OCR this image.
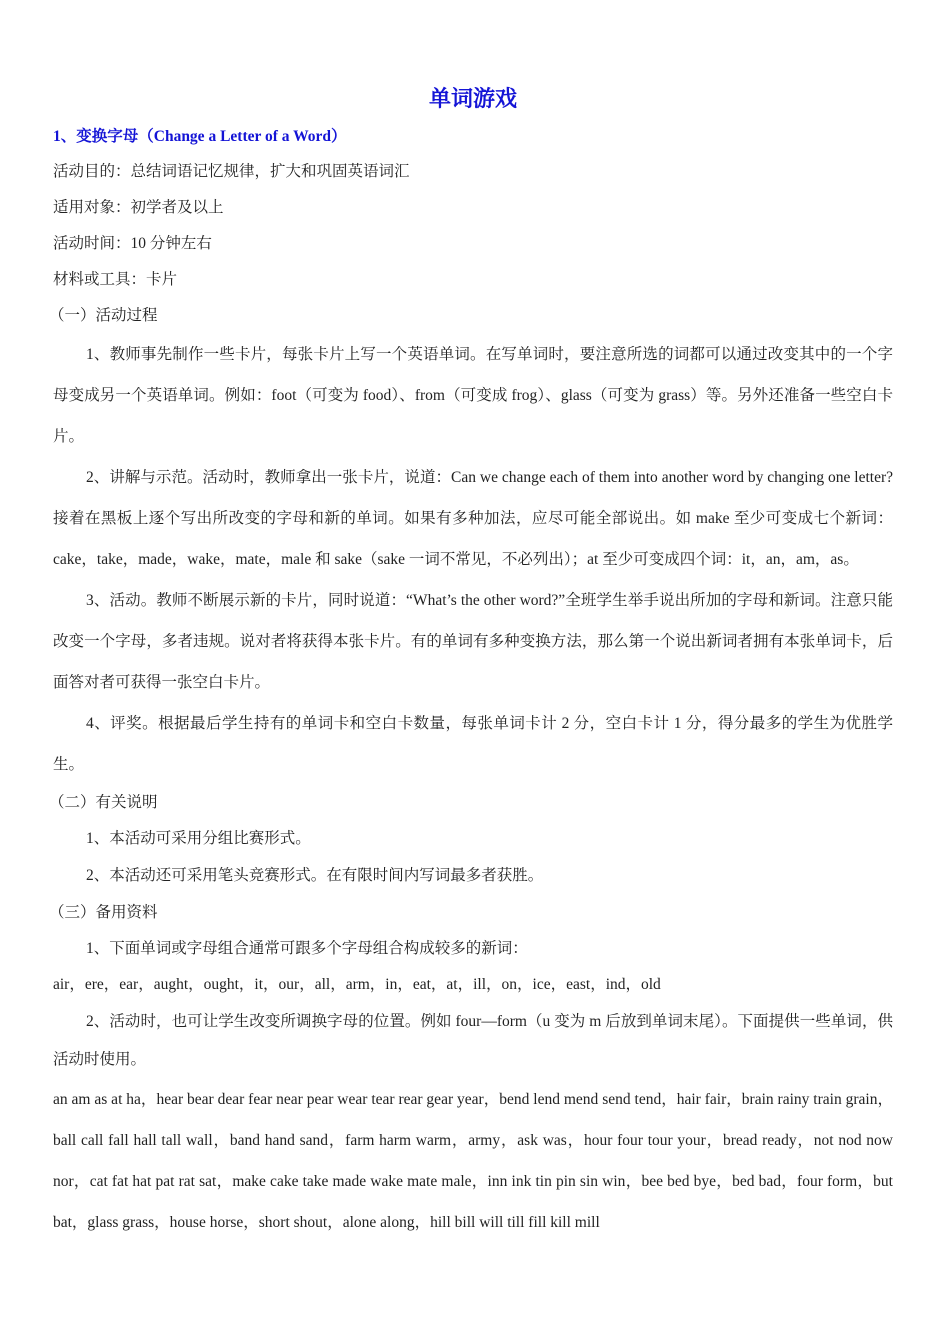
单词游戏
1、变换字母（Change a Letter of a Word）
活动目的：总结词语记忆规律，扩大和巩固英语词汇
适用对象：初学者及以上
活动时间：10 分钟左右
材料或工具：卡片
（一）活动过程

1、教师事先制作一些卡片，每张卡片上写一个英语单词。在写单词时，要注意所选的词都可以通过改变其中的一个字母变成另一个英语单词。例如：foot（可变为 food）、from（可变成 frog）、glass（可变为 grass）等。另外还准备一些空白卡片。

2、讲解与示范。活动时，教师拿出一张卡片，说道：Can we change each of them into another word by changing one letter?接着在黑板上逐个写出所改变的字母和新的单词。如果有多种加法，应尽可能全部说出。如 make 至少可变成七个新词：cake，take，made，wake，mate，male 和 sake（sake 一词不常见，不必列出）；at 至少可变成四个词：it，an，am，as。

3、活动。教师不断展示新的卡片，同时说道：“What’s the other word?”全班学生举手说出所加的字母和新词。注意只能改变一个字母，多者违规。说对者将获得本张卡片。有的单词有多种变换方法，那么第一个说出新词者拥有本张单词卡，后面答对者可获得一张空白卡片。

4、评奖。根据最后学生持有的单词卡和空白卡数量，每张单词卡计 2 分，空白卡计 1 分，得分最多的学生为优胜学生。

（二）有关说明

1、本活动可采用分组比赛形式。

2、本活动还可采用笔头竞赛形式。在有限时间内写词最多者获胜。

（三）备用资料

1、下面单词或字母组合通常可跟多个字母组合构成较多的新词：

air，ere，ear，aught，ought，it，our，all，arm，in，eat，at，ill，on，ice，east，ind，old

2、活动时，也可让学生改变所调换字母的位置。例如 four—form（u 变为 m 后放到单词末尾）。下面提供一些单词，供活动时使用。

an am as at ha，hear bear dear fear near pear wear tear rear gear year，bend lend mend send tend，hair fair，brain rainy train grain，ball call fall hall tall wall，band hand sand，farm harm warm，army，ask was，hour four tour your，bread ready，not nod now nor，cat fat hat pat rat sat，make cake take made wake mate male，inn ink tin pin sin win，bee bed bye，bed bad，four form，but bat，glass grass，house horse，short shout，alone along，hill bill will till fill kill mill
